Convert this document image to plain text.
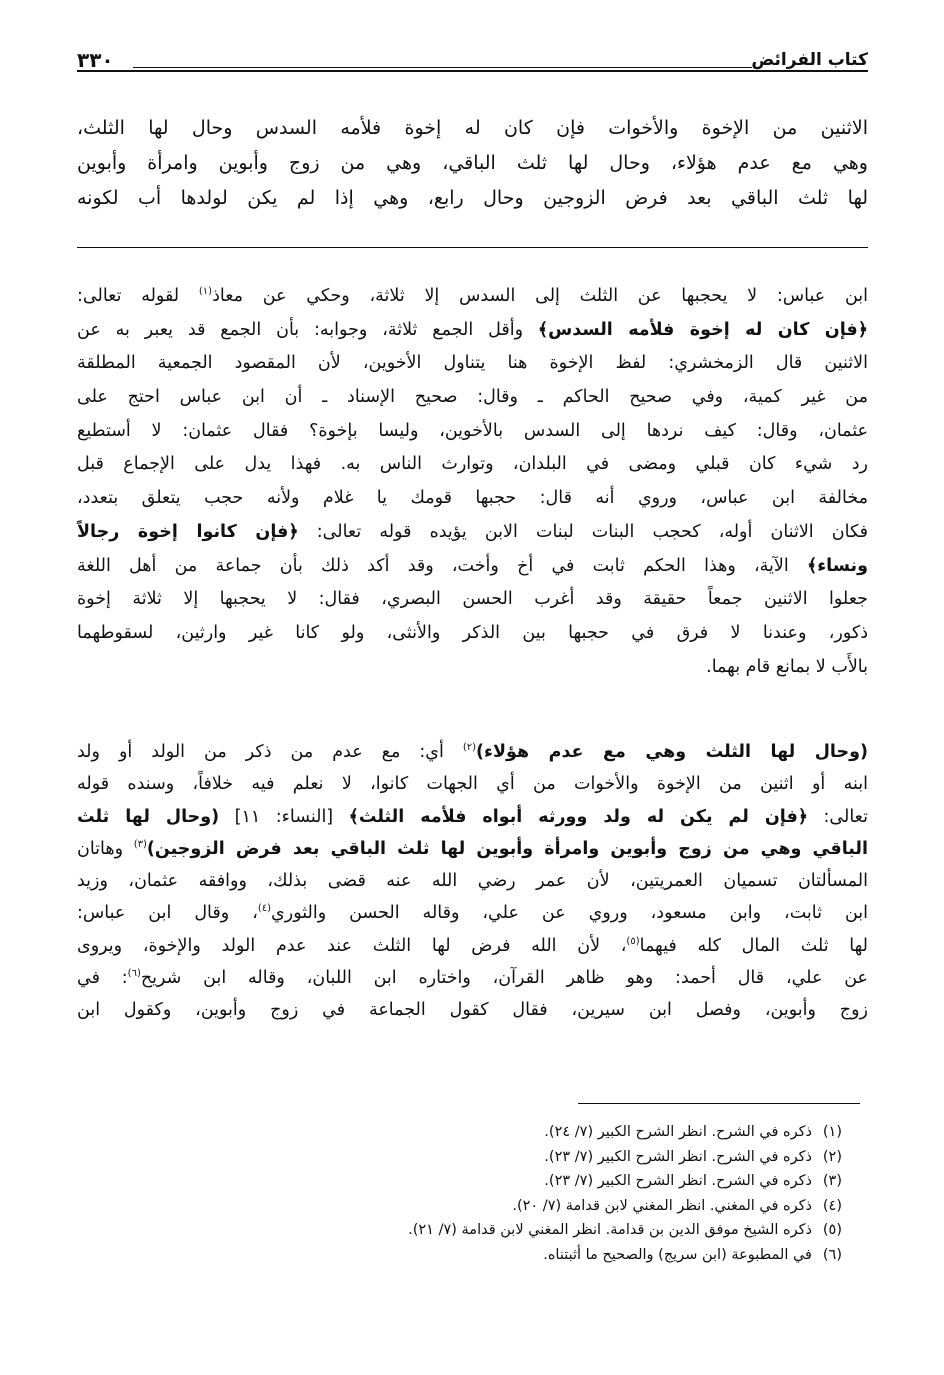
كتاب الفرائض
٣٣٠
الاثنين من الإخوة والأخوات فإن كان له إخوة فلأمه السدس وحال لها الثلث،
وهي مع عدم هؤلاء، وحال لها ثلث الباقي، وهي من زوج وأبوين وامرأة وأبوين
لها ثلث الباقي بعد فرض الزوجين وحال رابع، وهي إذا لم يكن لولدها أب لكونه
ابن عباس: لا يحجبها عن الثلث إلى السدس إلا ثلاثة، وحكي عن معاذ$^{(١)}$ لقوله تعالى:
﴿فإن كان له إخوة فلأمه السدس﴾ وأقل الجمع ثلاثة، وجوابه: بأن الجمع قد يعبر به عن
الاثنين قال الزمخشري: لفظ الإخوة هنا يتناول الأخوين، لأن المقصود الجمعية المطلقة
من غير كمية، وفي صحيح الحاكم ـ وقال: صحيح الإسناد ـ أن ابن عباس احتج على
عثمان، وقال: كيف نردها إلى السدس بالأخوين، وليسا بإخوة؟ فقال عثمان: لا أستطيع
رد شيء كان قبلي ومضى في البلدان، وتوارث الناس به. فهذا يدل على الإجماع قبل
مخالفة ابن عباس، وروي أنه قال: حجبها قومك يا غلام ولأنه حجب يتعلق بتعدد،
فكان الاثنان أوله، كحجب البنات لبنات الابن يؤيده قوله تعالى: ﴿فإن كانوا إخوة رجالاً
ونساء﴾ الآية، وهذا الحكم ثابت في أخ وأخت، وقد أكد ذلك بأن جماعة من أهل اللغة
جعلوا الاثنين جمعاً حقيقة وقد أغرب الحسن البصري، فقال: لا يحجبها إلا ثلاثة إخوة
ذكور، وعندنا لا فرق في حجبها بين الذكر والأنثى، ولو كانا غير وارثين، لسقوطهما
بالأَب لا بمانع قام بهما.
(وحال لها الثلث وهي مع عدم هؤلاء)$^{(٢)}$ أي: مع عدم من ذكر من الولد أو ولد
ابنه أو اثنين من الإخوة والأخوات من أي الجهات كانوا، لا نعلم فيه خلافاً، وسنده قوله
تعالى: ﴿فإن لم يكن له ولد وورثه أبواه فلأمه الثلث﴾ [النساء: ١١] (وحال لها ثلث
الباقي وهي من زوج وأبوين وامرأة وأبوين لها ثلث الباقي بعد فرض الزوجين)$^{(٣)}$ وهاتان
المسألتان تسميان العمريتين، لأن عمر رضي الله عنه قضى بذلك، ووافقه عثمان، وزيد
ابن ثابت، وابن مسعود، وروي عن علي، وقاله الحسن والثوري$^{(٤)}$، وقال ابن عباس:
لها ثلث المال كله فيهما$^{(٥)}$، لأن الله فرض لها الثلث عند عدم الولد والإخوة، ويروى
عن علي، قال أحمد: وهو ظاهر القرآن، واختاره ابن اللبان، وقاله ابن شريح$^{(٦)}$: في
زوج وأبوين، وفصل ابن سيرين، فقال كقول الجماعة في زوج وأبوين، وكقول ابن
(١)ذكره في الشرح. انظر الشرح الكبير (٧/ ٢٤).
(٢)ذكره في الشرح. انظر الشرح الكبير (٧/ ٢٣).
(٣)ذكره في الشرح. انظر الشرح الكبير (٧/ ٢٣).
(٤)ذكره في المغني. انظر المغني لابن قدامة (٧/ ٢٠).
(٥)ذكره الشيخ موفق الدين بن قدامة. انظر المغني لابن قدامة (٧/ ٢١).
(٦)في المطبوعة (ابن سريج) والصحيح ما أثبتناه.
